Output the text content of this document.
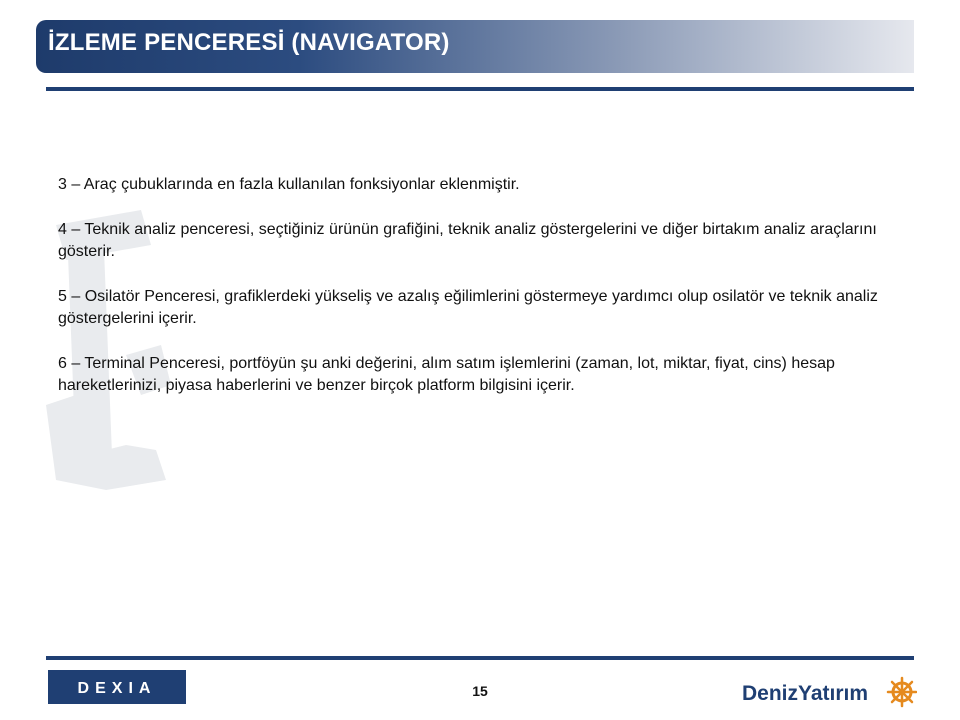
İZLEME PENCERESİ (NAVIGATOR)

3 – Araç çubuklarında en fazla kullanılan fonksiyonlar eklenmiştir.

4 – Teknik analiz penceresi, seçtiğiniz ürünün grafiğini, teknik analiz göstergelerini ve diğer birtakım analiz araçlarını gösterir.

5 – Osilatör Penceresi, grafiklerdeki yükseliş ve azalış eğilimlerini göstermeye yardımcı olup osilatör ve teknik analiz göstergelerini içerir.

6 – Terminal Penceresi, portföyün şu anki değerini, alım satım işlemlerini (zaman, lot, miktar, fiyat, cins) hesap hareketlerinizi, piyasa haberlerini ve benzer birçok platform bilgisini içerir.

DEXIA	15	DenizYatırım
